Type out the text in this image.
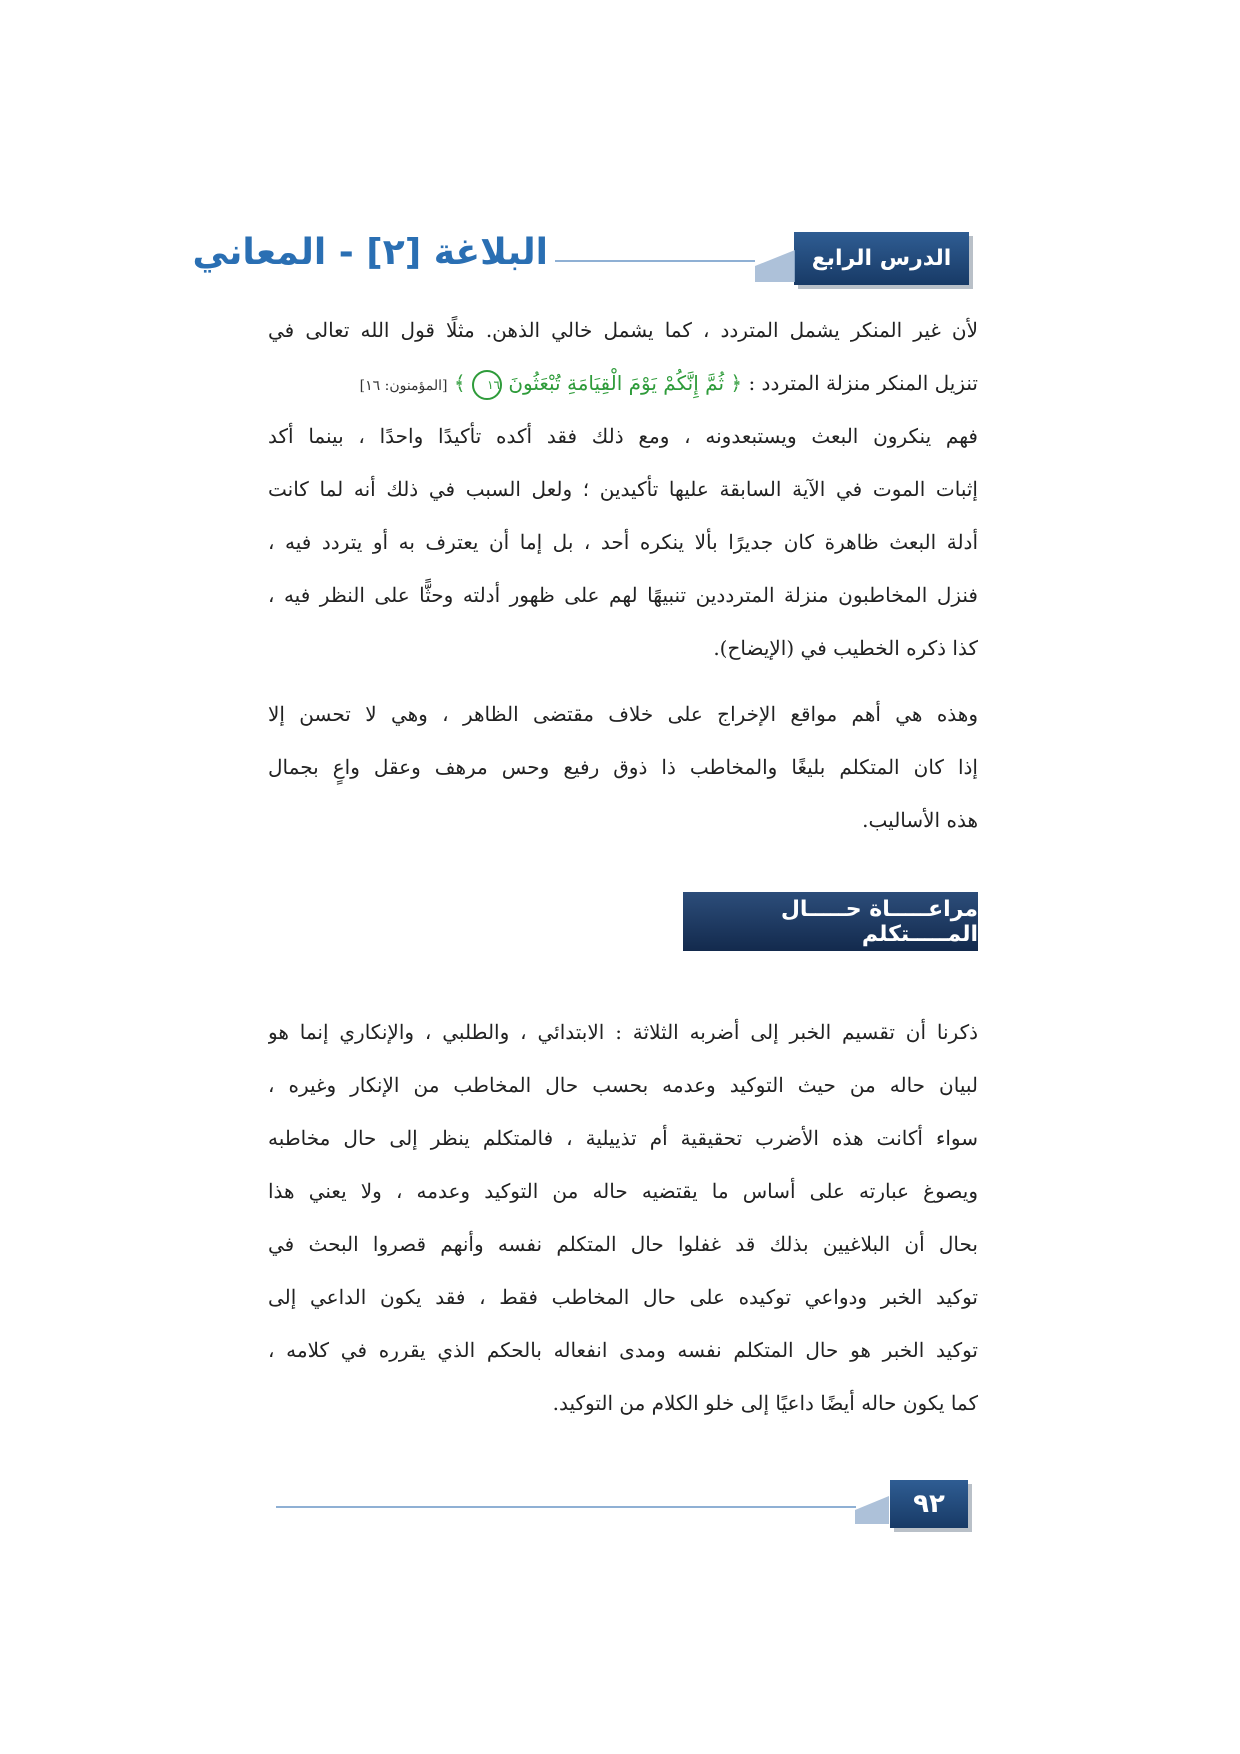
الدرس الرابع
البلاغة [٢] - المعاني
لأن غير المنكر يشمل المتردد ، كما يشمل خالي الذهن. مثلًا قول الله تعالى في
تنزيل المنكر منزلة المتردد : ﴿ ثُمَّ إِنَّكُمْ يَوْمَ الْقِيَامَةِ تُبْعَثُونَ ١٦ ﴾ [المؤمنون: ١٦]
فهم ينكرون البعث ويستبعدونه ، ومع ذلك فقد أكده تأكيدًا واحدًا ، بينما أكد
إثبات الموت في الآية السابقة عليها تأكيدين ؛ ولعل السبب في ذلك أنه لما كانت
أدلة البعث ظاهرة كان جديرًا بألا ينكره أحد ، بل إما أن يعترف به أو يتردد فيه ،
فنزل المخاطبون منزلة المترددين تنبيهًا لهم على ظهور أدلته وحثًّا على النظر فيه ،
كذا ذكره الخطيب في (الإيضاح).
وهذه هي أهم مواقع الإخراج على خلاف مقتضى الظاهر ، وهي لا تحسن إلا
إذا كان المتكلم بليغًا والمخاطب ذا ذوق رفيع وحس مرهف وعقل واعٍ بجمال
هذه الأساليب.
مراعـــــاة حـــــال المـــــتكلم
ذكرنا أن تقسيم الخبر إلى أضربه الثلاثة : الابتدائي ، والطلبي ، والإنكاري إنما هو
لبيان حاله من حيث التوكيد وعدمه بحسب حال المخاطب من الإنكار وغيره ،
سواء أكانت هذه الأضرب تحقيقية أم تذييلية ، فالمتكلم ينظر إلى حال مخاطبه
ويصوغ عبارته على أساس ما يقتضيه حاله من التوكيد وعدمه ، ولا يعني هذا
بحال أن البلاغيين بذلك قد غفلوا حال المتكلم نفسه وأنهم قصروا البحث في
توكيد الخبر ودواعي توكيده على حال المخاطب فقط ، فقد يكون الداعي إلى
توكيد الخبر هو حال المتكلم نفسه ومدى انفعاله بالحكم الذي يقرره في كلامه ،
كما يكون حاله أيضًا داعيًا إلى خلو الكلام من التوكيد.
٩٢
